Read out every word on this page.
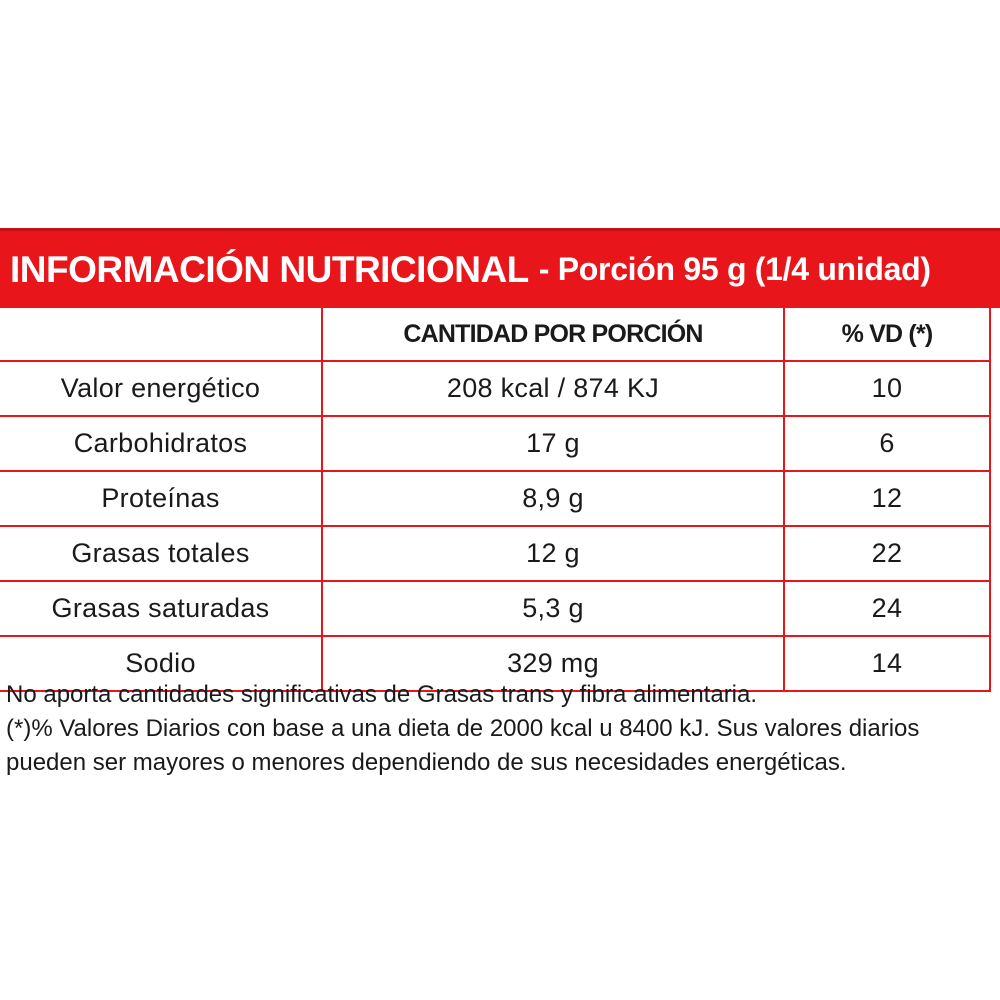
INFORMACIÓN NUTRICIONAL - Porción 95 g (1/4 unidad)
	CANTIDAD POR PORCIÓN	% VD (*)
Valor energético	208 kcal / 874 KJ	10
Carbohidratos	17 g	6
Proteínas	8,9 g	12
Grasas totales	12 g	22
Grasas saturadas	5,3 g	24
Sodio	329 mg	14

No aporta cantidades significativas de Grasas trans y fibra alimentaria.

(*)% Valores Diarios con base a una dieta de 2000 kcal u 8400 kJ. Sus valores diarios pueden ser mayores o menores dependiendo de sus necesidades energéticas.
